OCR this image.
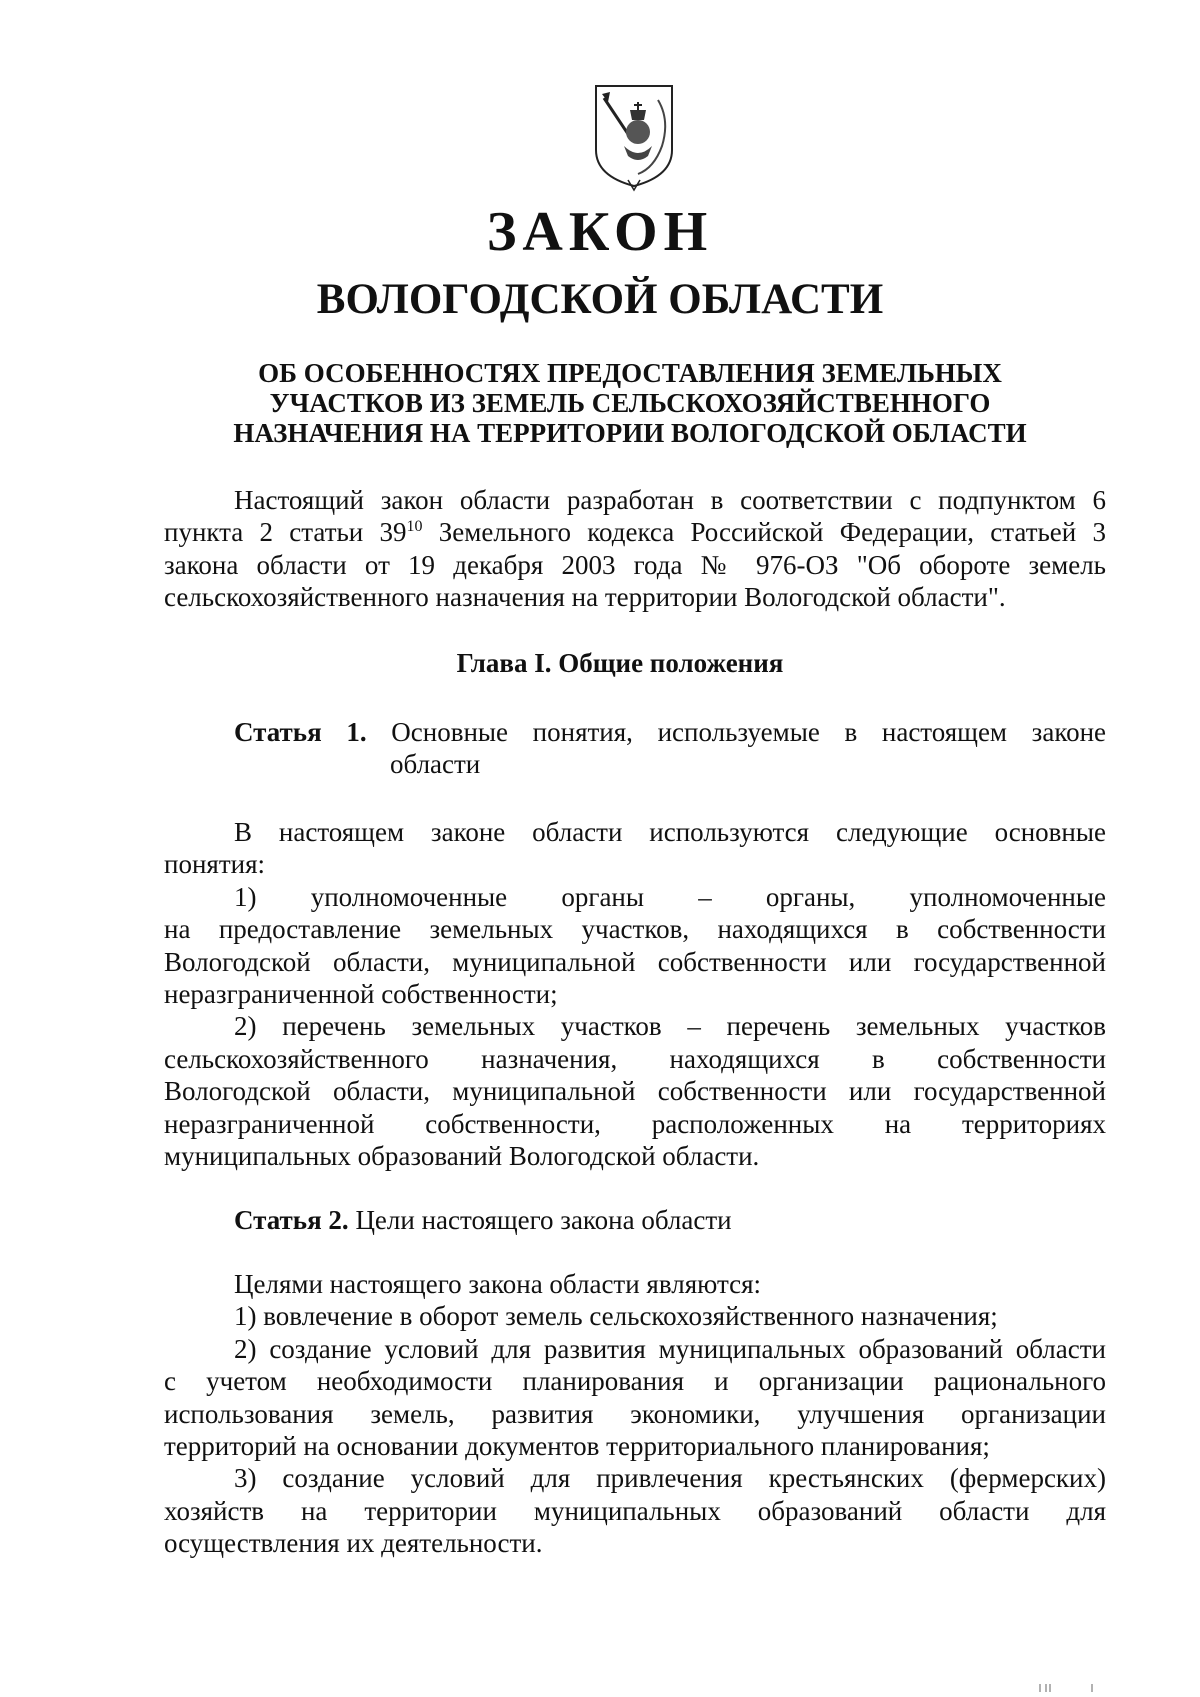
ЗАКОН
ВОЛОГОДСКОЙ ОБЛАСТИ
ОБ ОСОБЕННОСТЯХ ПРЕДОСТАВЛЕНИЯ ЗЕМЕЛЬНЫХ
УЧАСТКОВ ИЗ ЗЕМЕЛЬ СЕЛЬСКОХОЗЯЙСТВЕННОГО
НАЗНАЧЕНИЯ НА ТЕРРИТОРИИ ВОЛОГОДСКОЙ ОБЛАСТИ
Настоящий закон области разработан в соответствии с подпунктом 6
пункта 2 статьи $39^{10}$ Земельного кодекса Российской Федерации, статьей 3
закона области от 19 декабря 2003 года № 976-ОЗ "Об обороте земель
сельскохозяйственного назначения на территории Вологодской области".
Глава I. Общие положения
Статья 1. Основные понятия, используемые в настоящем законе
области
В настоящем законе области используются следующие основные
понятия:
1) уполномоченные органы – органы, уполномоченные
на предоставление земельных участков, находящихся в собственности
Вологодской области, муниципальной собственности или государственной
неразграниченной собственности;
2) перечень земельных участков – перечень земельных участков
сельскохозяйственного назначения, находящихся в собственности
Вологодской области, муниципальной собственности или государственной
неразграниченной собственности, расположенных на территориях
муниципальных образований Вологодской области.
Статья 2. Цели настоящего закона области
Целями настоящего закона области являются:
1) вовлечение в оборот земель сельскохозяйственного назначения;
2) создание условий для развития муниципальных образований области
с учетом необходимости планирования и организации рационального
использования земель, развития экономики, улучшения организации
территорий на основании документов территориального планирования;
3) создание условий для привлечения крестьянских (фермерских)
хозяйств на территории муниципальных образований области для
осуществления их деятельности.
